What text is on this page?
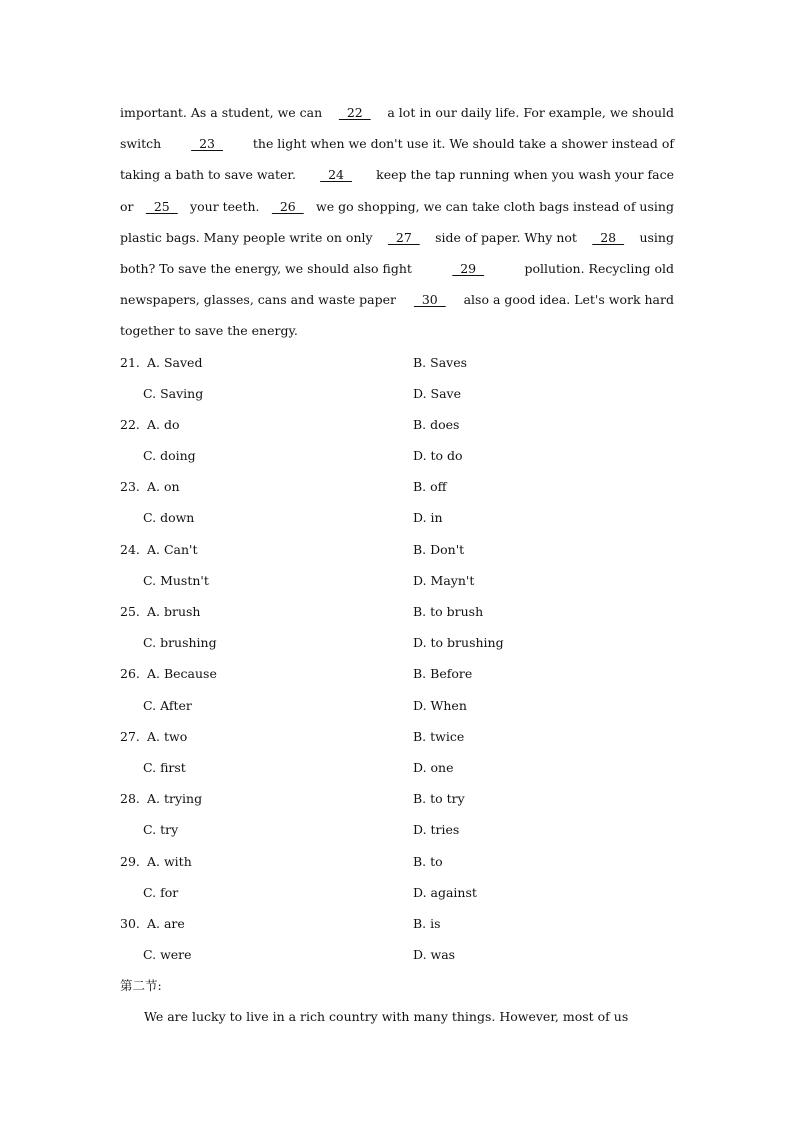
important. As a student, we can	22	a lot in our daily life. For example, we should
switch	23	the light when we don't use it. We should take a shower instead of
taking a bath to save water.	24	keep the tap running when you wash your face
or 25 your teeth. 26 we go shopping, we can take cloth bags instead of using
plastic bags. Many people write on only 27 side of paper. Why not 28 using
both? To save the energy, we should also fight	29	pollution. Recycling old
newspapers, glasses, cans and waste paper	30	also a good idea. Let's work hard
together to save the energy.
21. A. Saved	B. Saves
C. Saving	D. Save
22. A. do	B. does
C. doing	D. to do
23. A. on	B. off
C. down	D. in
24. A. Can't	B. Don't
C. Mustn't	D. Mayn't
25. A. brush	B. to brush
C. brushing	D. to brushing
26. A. Because	B. Before
C. After	D. When
27. A. two	B. twice
C. first	D. one
28. A. trying	B. to try
C. try	D. tries
29. A. with	B. to
C. for	D. against
30. A. are	B. is
C. were	D. was
第二节:
We are lucky to live in a rich country with many things. However, most of us
